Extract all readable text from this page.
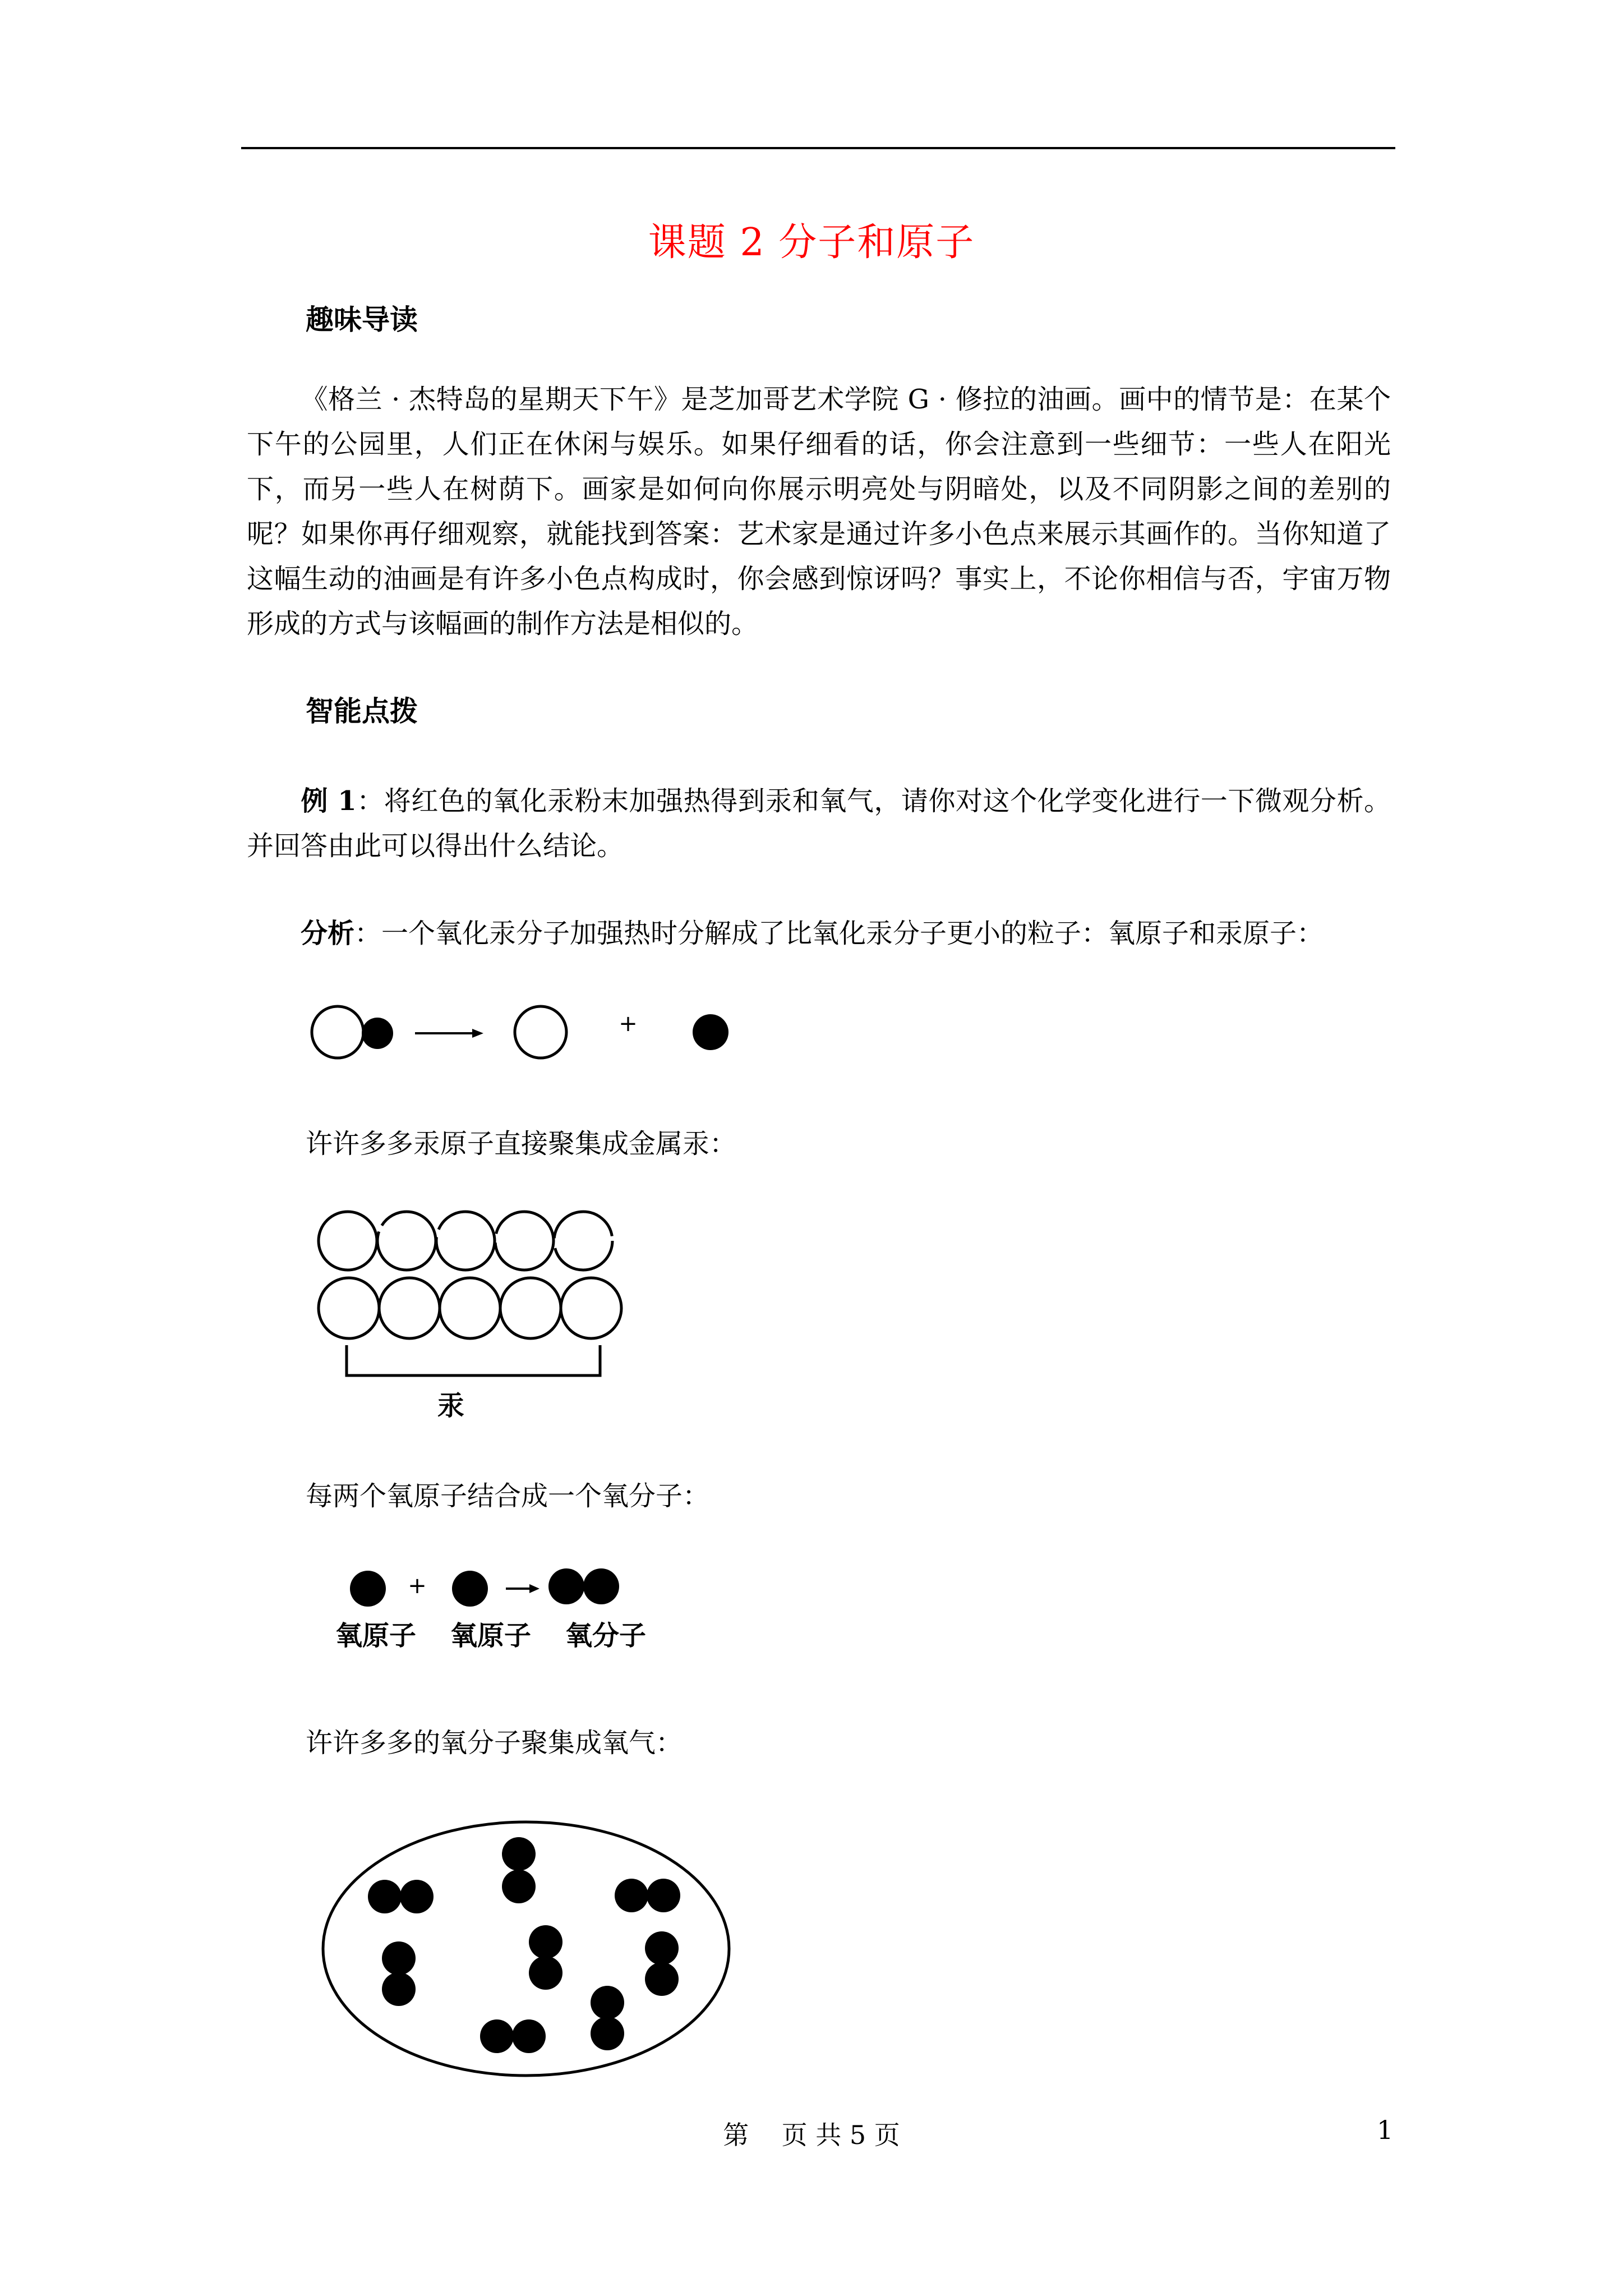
课题 2 分子和原子
趣味导读
《格兰 · 杰特岛的星期天下午》是芝加哥艺术学院 G · 修拉的油画。画中的情节是：在某个下午的公园里，人们正在休闲与娱乐。如果仔细看的话，你会注意到一些细节：一些人在阳光下，而另一些人在树荫下。画家是如何向你展示明亮处与阴暗处，以及不同阴影之间的差别的呢？如果你再仔细观察，就能找到答案：艺术家是通过许多小色点来展示其画作的。当你知道了这幅生动的油画是有许多小色点构成时，你会感到惊讶吗？事实上，不论你相信与否，宇宙万物形成的方式与该幅画的制作方法是相似的。
智能点拨
例 1：将红色的氧化汞粉末加强热得到汞和氧气，请你对这个化学变化进行一下微观分析。并回答由此可以得出什么结论。
分析：一个氧化汞分子加强热时分解成了比氧化汞分子更小的粒子：氧原子和汞原子：
+
许许多多汞原子直接聚集成金属汞：
汞
每两个氧原子结合成一个氧分子：
+
氧原子 氧原子 氧分子
许许多多的氧分子聚集成氧气：
第    页 共 5 页	1
